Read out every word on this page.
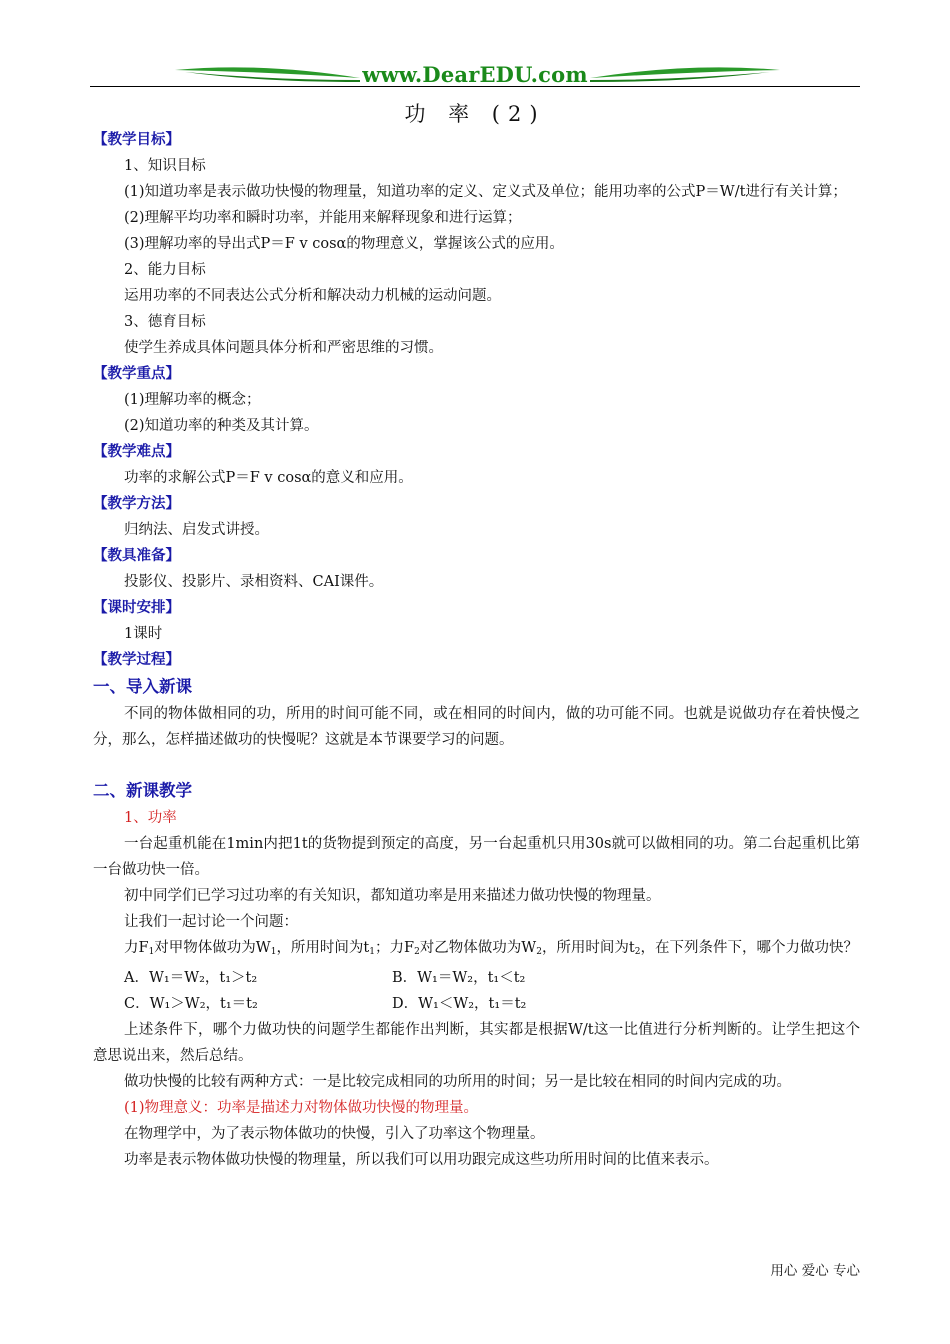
www.DearEDU.com
功 率 (2)

【教学目标】

1、知识目标

(1)知道功率是表示做功快慢的物理量，知道功率的定义、定义式及单位；能用功率的公式P＝W/t进行有关计算；

(2)理解平均功率和瞬时功率，并能用来解释现象和进行运算；

(3)理解功率的导出式P＝F v cosα的物理意义，掌握该公式的应用。

2、能力目标

运用功率的不同表达公式分析和解决动力机械的运动问题。

3、德育目标

使学生养成具体问题具体分析和严密思维的习惯。

【教学重点】

(1)理解功率的概念；

(2)知道功率的种类及其计算。

【教学难点】

功率的求解公式P＝F v cosα的意义和应用。

【教学方法】

归纳法、启发式讲授。

【教具准备】

投影仪、投影片、录相资料、CAI课件。

【课时安排】

1课时

【教学过程】

一、导入新课

不同的物体做相同的功，所用的时间可能不同，或在相同的时间内，做的功可能不同。也就是说做功存在着快慢之分，那么，怎样描述做功的快慢呢？这就是本节课要学习的问题。

二、新课教学

1、功率

一台起重机能在1min内把1t的货物提到预定的高度，另一台起重机只用30s就可以做相同的功。第二台起重机比第一台做功快一倍。

初中同学们已学习过功率的有关知识，都知道功率是用来描述力做功快慢的物理量。

让我们一起讨论一个问题：

力$F_1$对甲物体做功为$W_1$，所用时间为$t_1$；力$F_2$对乙物体做功为$W_2$，所用时间为$t_2$，在下列条件下，哪个力做功快？

A．W₁＝W₂，t₁＞t₂	B．W₁＝W₂，t₁＜t₂

C．W₁＞W₂，t₁＝t₂	D．W₁＜W₂，t₁＝t₂

上述条件下，哪个力做功快的问题学生都能作出判断，其实都是根据W/t这一比值进行分析判断的。让学生把这个意思说出来，然后总结。

做功快慢的比较有两种方式：一是比较完成相同的功所用的时间；另一是比较在相同的时间内完成的功。

(1)物理意义：功率是描述力对物体做功快慢的物理量。

在物理学中，为了表示物体做功的快慢，引入了功率这个物理量。

功率是表示物体做功快慢的物理量，所以我们可以用功跟完成这些功所用时间的比值来表示。

用心 爱心 专心
